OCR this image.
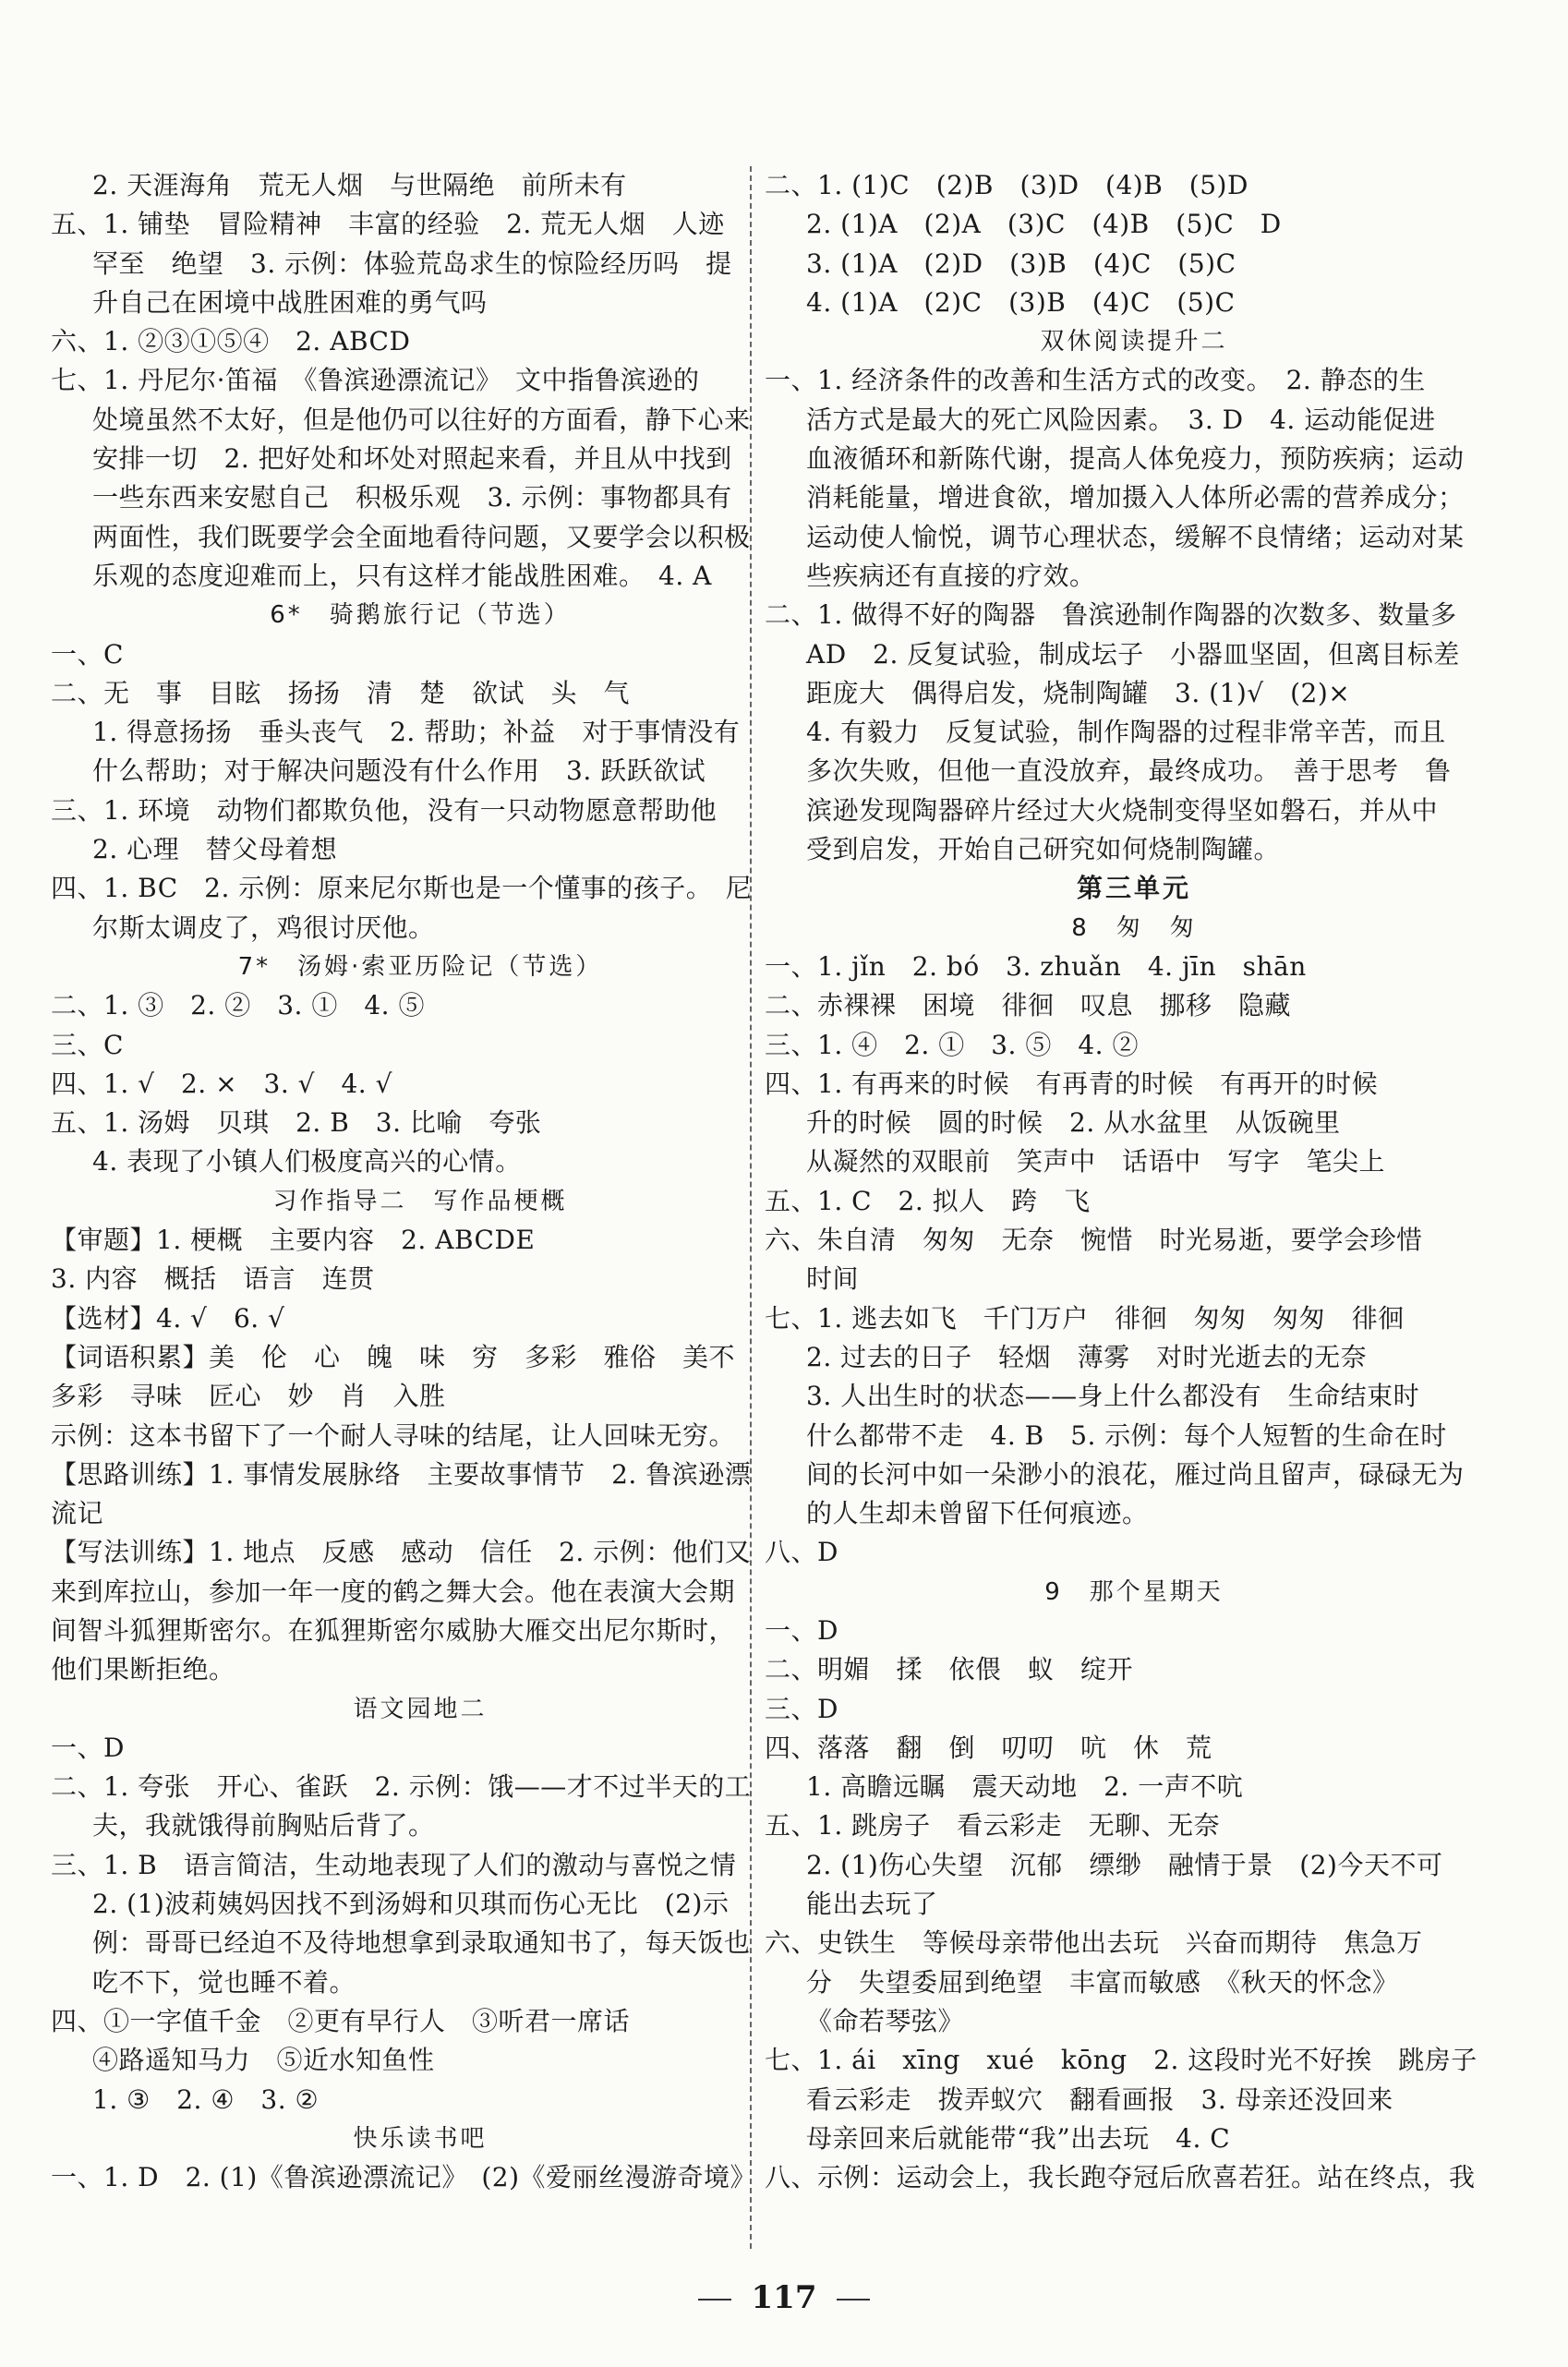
2. 天涯海角　荒无人烟　与世隔绝　前所未有
五、1. 铺垫　冒险精神　丰富的经验　2. 荒无人烟　人迹
罕至　绝望　3. 示例：体验荒岛求生的惊险经历吗　提
升自己在困境中战胜困难的勇气吗
六、1. ②③①⑤④　2. ABCD
七、1. 丹尼尔·笛福　《鲁滨逊漂流记》　文中指鲁滨逊的
处境虽然不太好，但是他仍可以往好的方面看，静下心来
安排一切　2. 把好处和坏处对照起来看，并且从中找到
一些东西来安慰自己　积极乐观　3. 示例：事物都具有
两面性，我们既要学会全面地看待问题，又要学会以积极
乐观的态度迎难而上，只有这样才能战胜困难。　4. A
6*　骑鹅旅行记（节选）
一、C
二、无　事　目眩　扬扬　清　楚　欲试　头　气
1. 得意扬扬　垂头丧气　2. 帮助；补益　对于事情没有
什么帮助；对于解决问题没有什么作用　3. 跃跃欲试
三、1. 环境　动物们都欺负他，没有一只动物愿意帮助他
2. 心理　替父母着想
四、1. BC　2. 示例：原来尼尔斯也是一个懂事的孩子。　尼
尔斯太调皮了，鸡很讨厌他。
7*　汤姆·索亚历险记（节选）
二、1. ③　2. ②　3. ①　4. ⑤
三、C
四、1. √　2. ×　3. √　4. √
五、1. 汤姆　贝琪　2. B　3. 比喻　夸张
4. 表现了小镇人们极度高兴的心情。
习作指导二　写作品梗概
【审题】1. 梗概　主要内容　2. ABCDE
3. 内容　概括　语言　连贯
【选材】4. √　6. √
【词语积累】美　伦　心　魄　味　穷　多彩　雅俗　美不
多彩　寻味　匠心　妙　肖　入胜
示例：这本书留下了一个耐人寻味的结尾，让人回味无穷。
【思路训练】1. 事情发展脉络　主要故事情节　2. 鲁滨逊漂
流记
【写法训练】1. 地点　反感　感动　信任　2. 示例：他们又
来到库拉山，参加一年一度的鹤之舞大会。他在表演大会期
间智斗狐狸斯密尔。在狐狸斯密尔威胁大雁交出尼尔斯时，
他们果断拒绝。
语文园地二
一、D
二、1. 夸张　开心、雀跃　2. 示例：饿——才不过半天的工
夫，我就饿得前胸贴后背了。
三、1. B　语言简洁，生动地表现了人们的激动与喜悦之情
2. (1)波莉姨妈因找不到汤姆和贝琪而伤心无比　(2)示
例：哥哥已经迫不及待地想拿到录取通知书了，每天饭也
吃不下，觉也睡不着。
四、①一字值千金　②更有早行人　③听君一席话
④路遥知马力　⑤近水知鱼性
1. ③　2. ④　3. ②
快乐读书吧
一、1. D　2. (1)《鲁滨逊漂流记》　(2)《爱丽丝漫游奇境》
二、1. (1)C　(2)B　(3)D　(4)B　(5)D
2. (1)A　(2)A　(3)C　(4)B　(5)C　D
3. (1)A　(2)D　(3)B　(4)C　(5)C
4. (1)A　(2)C　(3)B　(4)C　(5)C
双休阅读提升二
一、1. 经济条件的改善和生活方式的改变。　2. 静态的生
活方式是最大的死亡风险因素。　3. D　4. 运动能促进
血液循环和新陈代谢，提高人体免疫力，预防疾病；运动
消耗能量，增进食欲，增加摄入人体所必需的营养成分；
运动使人愉悦，调节心理状态，缓解不良情绪；运动对某
些疾病还有直接的疗效。
二、1. 做得不好的陶器　鲁滨逊制作陶器的次数多、数量多
AD　2. 反复试验，制成坛子　小器皿坚固，但离目标差
距庞大　偶得启发，烧制陶罐　3. (1)√　(2)×
4. 有毅力　反复试验，制作陶器的过程非常辛苦，而且
多次失败，但他一直没放弃，最终成功。　善于思考　鲁
滨逊发现陶器碎片经过大火烧制变得坚如磐石，并从中
受到启发，开始自己研究如何烧制陶罐。
第三单元
8　匆　匆
一、1. jǐn　2. bó　3. zhuǎn　4. jīn　shān
二、赤裸裸　困境　徘徊　叹息　挪移　隐藏
三、1. ④　2. ①　3. ⑤　4. ②
四、1. 有再来的时候　有再青的时候　有再开的时候
升的时候　圆的时候　2. 从水盆里　从饭碗里
从凝然的双眼前　笑声中　话语中　写字　笔尖上
五、1. C　2. 拟人　跨　飞
六、朱自清　匆匆　无奈　惋惜　时光易逝，要学会珍惜
时间
七、1. 逃去如飞　千门万户　徘徊　匆匆　匆匆　徘徊
2. 过去的日子　轻烟　薄雾　对时光逝去的无奈
3. 人出生时的状态——身上什么都没有　生命结束时
什么都带不走　4. B　5. 示例：每个人短暂的生命在时
间的长河中如一朵渺小的浪花，雁过尚且留声，碌碌无为
的人生却未曾留下任何痕迹。
八、D
9　那个星期天
一、D
二、明媚　揉　依偎　蚁　绽开
三、D
四、落落　翻　倒　叨叨　吭　休　荒
1. 高瞻远瞩　震天动地　2. 一声不吭
五、1. 跳房子　看云彩走　无聊、无奈
2. (1)伤心失望　沉郁　缥缈　融情于景　(2)今天不可
能出去玩了
六、史铁生　等候母亲带他出去玩　兴奋而期待　焦急万
分　失望委屈到绝望　丰富而敏感　《秋天的怀念》
《命若琴弦》
七、1. ái　xīng　xué　kōng　2. 这段时光不好挨　跳房子
看云彩走　拨弄蚁穴　翻看画报　3. 母亲还没回来
母亲回来后就能带“我”出去玩　4. C
八、示例：运动会上，我长跑夺冠后欣喜若狂。站在终点，我
117
